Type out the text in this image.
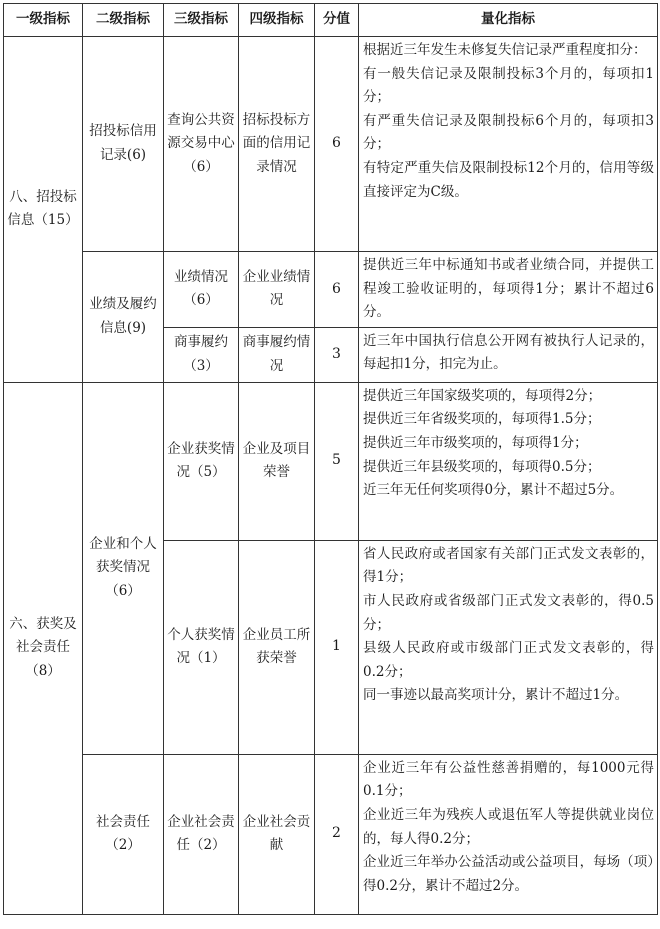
一级指标	二级指标	三级指标	四级指标	分值	量化指标
八、招投标信息（15）	招投标信用记录(6)	查询公共资源交易中心（6）	招标投标方面的信用记录情况	6	根据近三年发生未修复失信记录严重程度扣分：
有一般失信记录及限制投标3个月的，每项扣1分；
有严重失信记录及限制投标6个月的，每项扣3分；
有特定严重失信及限制投标12个月的，信用等级直接评定为C级。

	业绩及履约信息(9)	业绩情况（6）	企业业绩情况	6	提供近三年中标通知书或者业绩合同，并提供工程竣工验收证明的，每项得1分；累计不超过6分。

		商事履约（3）	商事履约情况	3	近三年中国执行信息公开网有被执行人记录的，每起扣1分，扣完为止。

六、获奖及社会责任（8）	企业和个人获奖情况（6）	企业获奖情况（5）	企业及项目荣誉	5	提供近三年国家级奖项的，每项得2分；
提供近三年省级奖项的，每项得1.5分；
提供近三年市级奖项的，每项得1分；
提供近三年县级奖项的，每项得0.5分；
近三年无任何奖项得0分，累计不超过5分。

		个人获奖情况（1）	企业员工所获荣誉	1	省人民政府或者国家有关部门正式发文表彰的，得1分；
市人民政府或省级部门正式发文表彰的，得0.5分；
县级人民政府或市级部门正式发文表彰的，得0.2分；
同一事迹以最高奖项计分，累计不超过1分。

	社会责任（2）	企业社会责任（2）	企业社会贡献	2	企业近三年有公益性慈善捐赠的，每1000元得0.1分；
企业近三年为残疾人或退伍军人等提供就业岗位的，每人得0.2分；
企业近三年举办公益活动或公益项目，每场（项）得0.2分，累计不超过2分。
